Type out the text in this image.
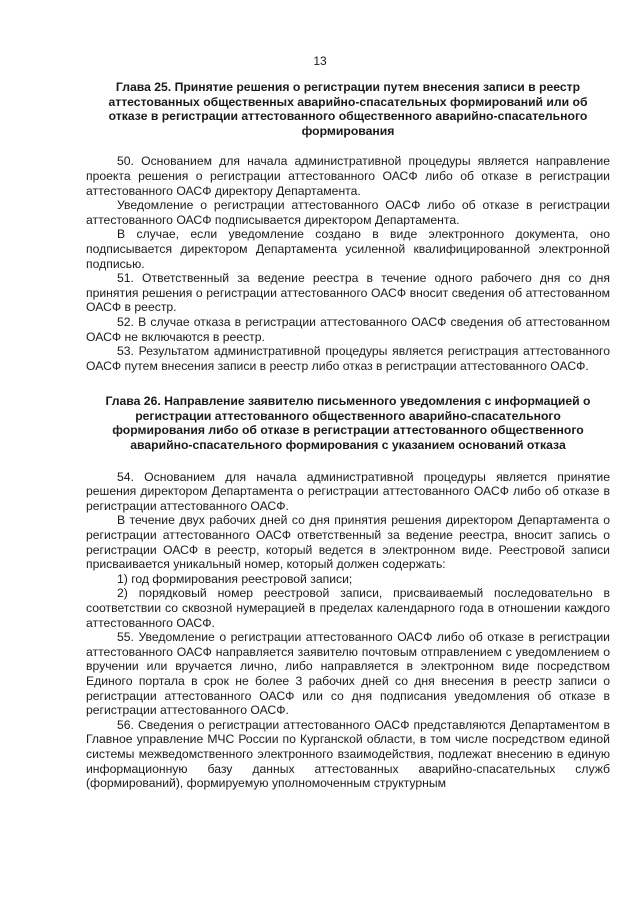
13

Глава 25. Принятие решения о регистрации путем внесения записи в реестр аттестованных общественных аварийно-спасательных формирований или об отказе в регистрации аттестованного общественного аварийно-спасательного формирования

50. Основанием для начала административной процедуры является направление проекта решения о регистрации аттестованного ОАСФ либо об отказе в регистрации аттестованного ОАСФ директору Департамента.

Уведомление о регистрации аттестованного ОАСФ либо об отказе в регистрации аттестованного ОАСФ подписывается директором Департамента.

В случае, если уведомление создано в виде электронного документа, оно подписывается директором Департамента усиленной квалифицированной электронной подписью.

51. Ответственный за ведение реестра в течение одного рабочего дня со дня принятия решения о регистрации аттестованного ОАСФ вносит сведения об аттестованном ОАСФ в реестр.

52. В случае отказа в регистрации аттестованного ОАСФ сведения об аттестованном ОАСФ не включаются в реестр.

53. Результатом административной процедуры является регистрация аттестованного ОАСФ путем внесения записи в реестр либо отказ в регистрации аттестованного ОАСФ.

Глава 26. Направление заявителю письменного уведомления с информацией о регистрации аттестованного общественного аварийно-спасательного формирования либо об отказе в регистрации аттестованного общественного аварийно-спасательного формирования с указанием оснований отказа

54. Основанием для начала административной процедуры является принятие решения директором Департамента о регистрации аттестованного ОАСФ либо об отказе в регистрации аттестованного ОАСФ.

В течение двух рабочих дней со дня принятия решения директором Департамента о регистрации аттестованного ОАСФ ответственный за ведение реестра, вносит запись о регистрации ОАСФ в реестр, который ведется в электронном виде. Реестровой записи присваивается уникальный номер, который должен содержать:

1) год формирования реестровой записи;

2) порядковый номер реестровой записи, присваиваемый последовательно в соответствии со сквозной нумерацией в пределах календарного года в отношении каждого аттестованного ОАСФ.

55. Уведомление о регистрации аттестованного ОАСФ либо об отказе в регистрации аттестованного ОАСФ направляется заявителю почтовым отправлением с уведомлением о вручении или вручается лично, либо направляется в электронном виде посредством Единого портала в срок не более 3 рабочих дней со дня внесения в реестр записи о регистрации аттестованного ОАСФ или со дня подписания уведомления об отказе в регистрации аттестованного ОАСФ.

56. Сведения о регистрации аттестованного ОАСФ представляются Департаментом в Главное управление МЧС России по Курганской области, в том числе посредством единой системы межведомственного электронного взаимодействия, подлежат внесению в единую информационную базу данных аттестованных аварийно-спасательных служб (формирований), формируемую уполномоченным структурным
